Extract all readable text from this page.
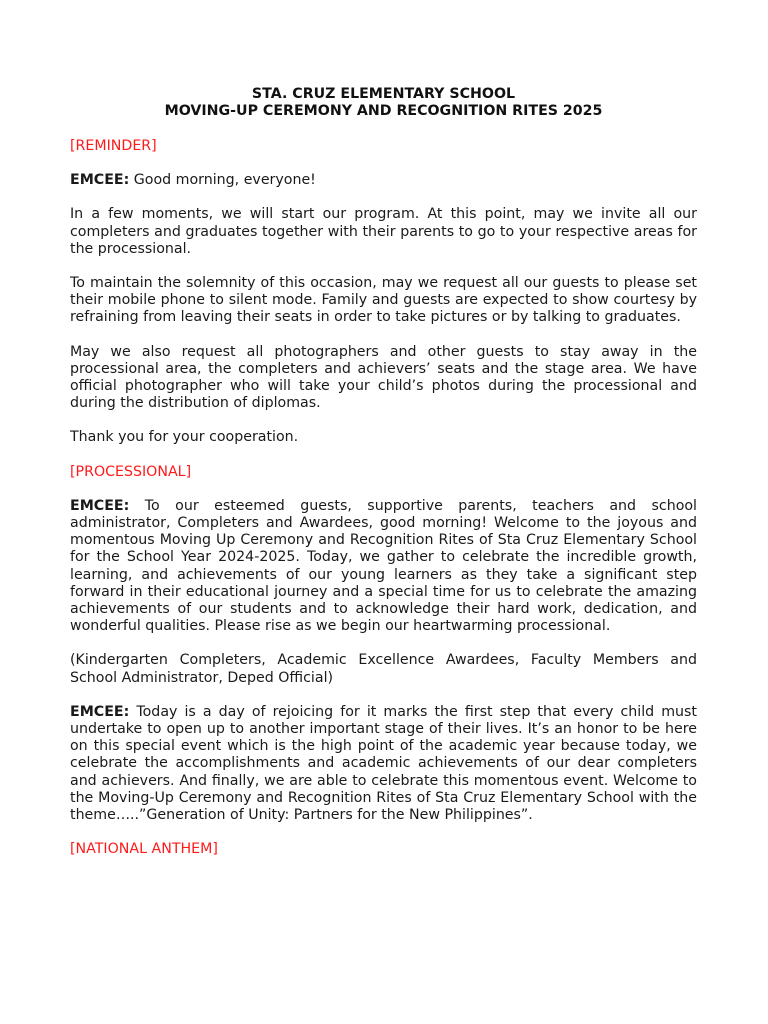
STA. CRUZ ELEMENTARY SCHOOL

MOVING-UP CEREMONY AND RECOGNITION RITES 2025

[REMINDER]

EMCEE: Good morning, everyone!

In a few moments, we will start our program. At this point, may we invite all our completers and graduates together with their parents to go to your respective areas for the processional.

To maintain the solemnity of this occasion, may we request all our guests to please set their mobile phone to silent mode. Family and guests are expected to show courtesy by refraining from leaving their seats in order to take pictures or by talking to graduates.

May we also request all photographers and other guests to stay away in the processional area, the completers and achievers’ seats and the stage area. We have official photographer who will take your child’s photos during the processional and during the distribution of diplomas.

Thank you for your cooperation.

[PROCESSIONAL]

EMCEE: To our esteemed guests, supportive parents, teachers and school administrator, Completers and Awardees, good morning! Welcome to the joyous and momentous Moving Up Ceremony and Recognition Rites of Sta Cruz Elementary School for the School Year 2024-2025. Today, we gather to celebrate the incredible growth, learning, and achievements of our young learners as they take a significant step forward in their educational journey and a special time for us to celebrate the amazing achievements of our students and to acknowledge their hard work, dedication, and wonderful qualities. Please rise as we begin our heartwarming processional.

(Kindergarten Completers, Academic Excellence Awardees, Faculty Members and School Administrator, Deped Official)

EMCEE: Today is a day of rejoicing for it marks the first step that every child must undertake to open up to another important stage of their lives. It’s an honor to be here on this special event which is the high point of the academic year because today, we celebrate the accomplishments and academic achievements of our dear completers and achievers. And finally, we are able to celebrate this momentous event. Welcome to the Moving-Up Ceremony and Recognition Rites of Sta Cruz Elementary School with the theme…..”Generation of Unity: Partners for the New Philippines”.

[NATIONAL ANTHEM]
